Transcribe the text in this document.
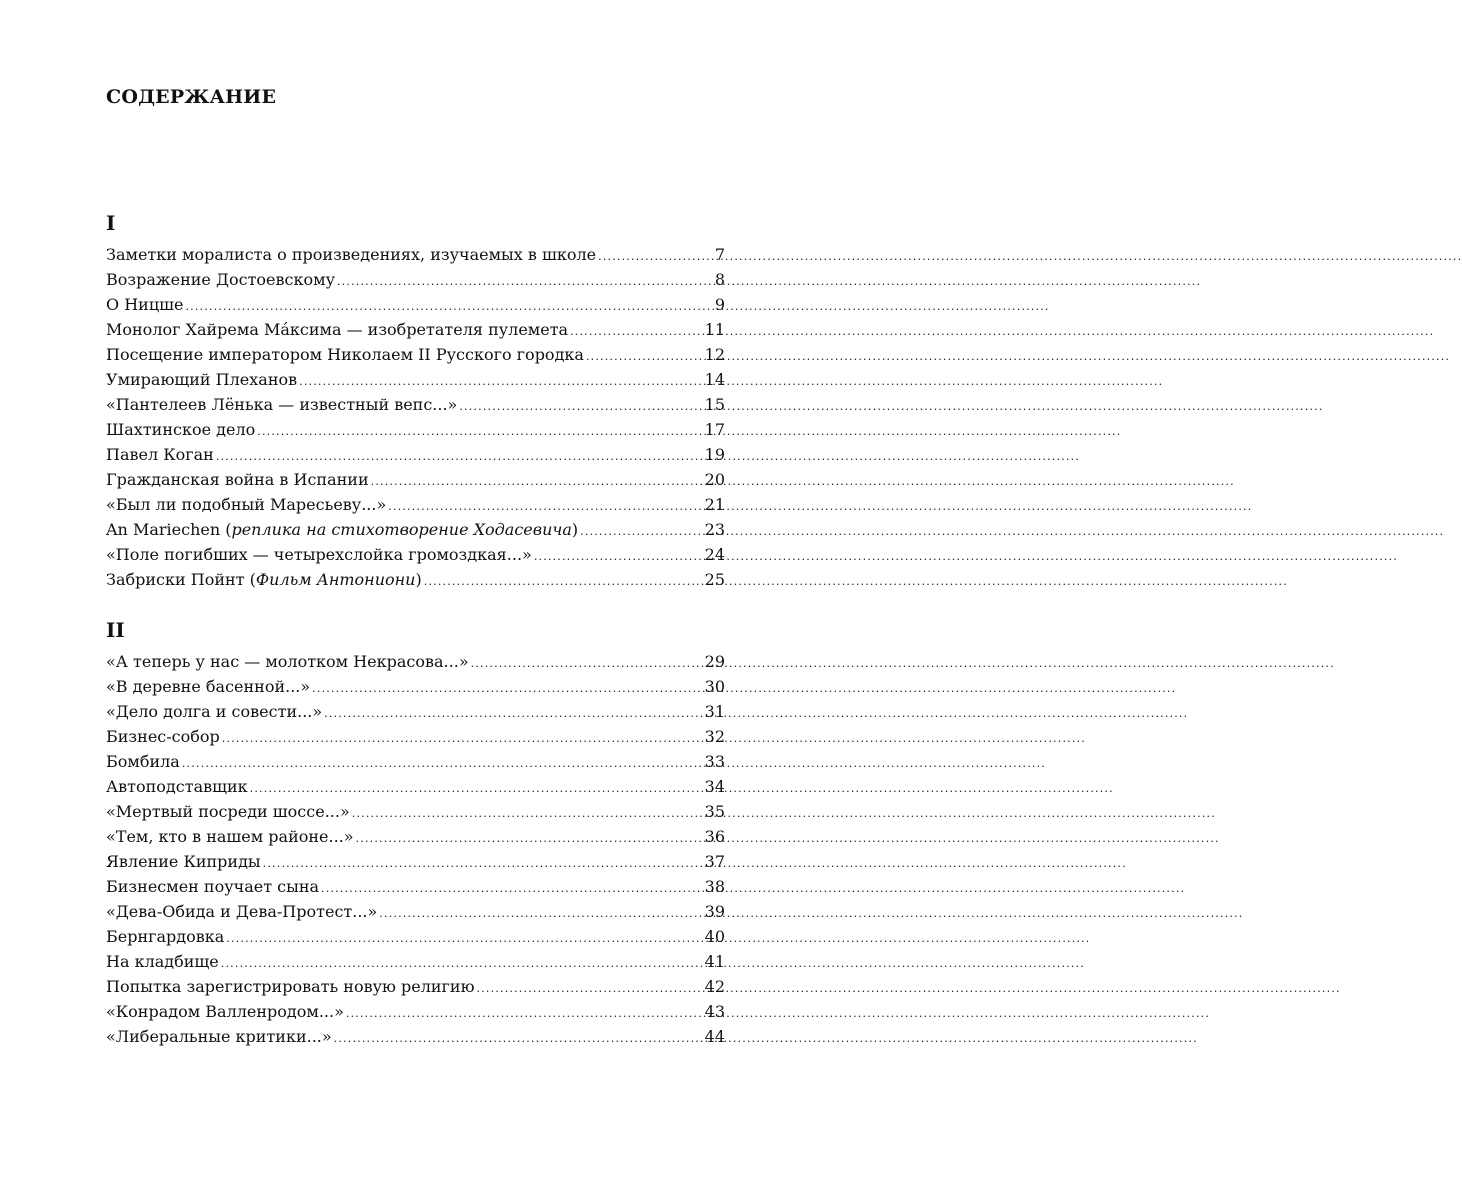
СОДЕРЖАНИЕ
I
Заметки моралиста о произведениях, изучаемых в школе .....	7
Возражение Достоевскому .....	8
О Ницше .....	9
Монолог Хайрема Ма́ксима — изобретателя пулемета .....	11
Посещение императором Николаем II Русского городка .....	12
Умирающий Плеханов .....	14
«Пантелеев Лёнька — известный вепс...» .....	15
Шахтинское дело .....	17
Павел Коган .....	19
Гражданская война в Испании .....	20
«Был ли подобный Маресьеву...» .....	21
An Mariechen (реплика на стихотворение Ходасевича) .....	23
«Поле погибших — четырехслойка громоздкая...» .....	24
Забриски Пойнт (Фильм Антониони) .....	25
II
«А теперь у нас — молотком Некрасова...» .....	29
«В деревне басенной...» .....	30
«Дело долга и совести...» .....	31
Бизнес-собор .....	32
Бомбила .....	33
Автоподставщик .....	34
«Мертвый посреди шоссе...» .....	35
«Тем, кто в нашем районе...» .....	36
Явление Киприды .....	37
Бизнесмен поучает сына .....	38
«Дева-Обида и Дева-Протест...» .....	39
Бернгардовка .....	40
На кладбище .....	41
Попытка зарегистрировать новую религию .....	42
«Конрадом Валленродом...» .....	43
«Либеральные критики...» .....	44
